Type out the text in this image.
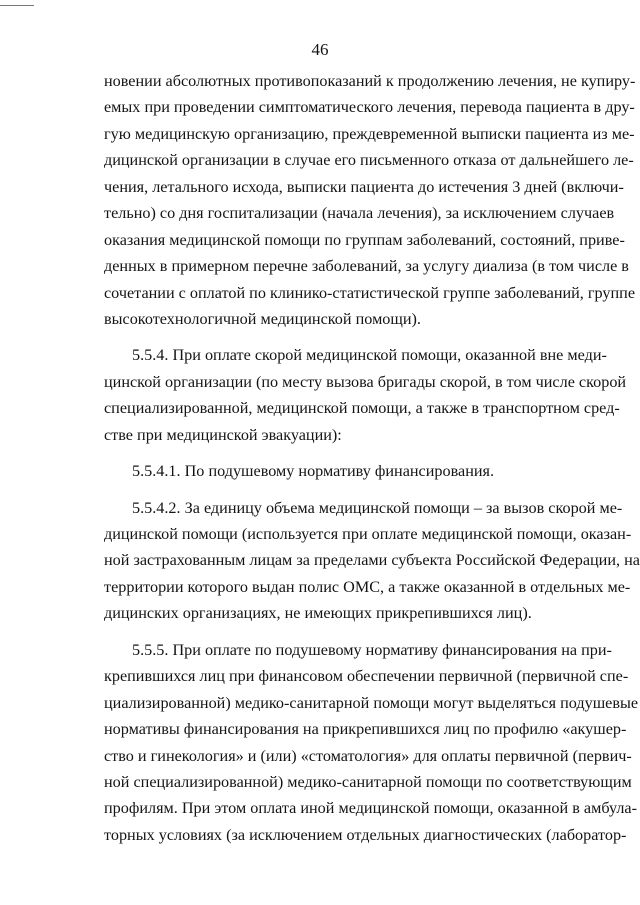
46
новении абсолютных противопоказаний к продолжению лечения, не купиру-
емых при проведении симптоматического лечения, перевода пациента в дру-
гую медицинскую организацию, преждевременной выписки пациента из ме-
дицинской организации в случае его письменного отказа от дальнейшего ле-
чения, летального исхода, выписки пациента до истечения 3 дней (включи-
тельно) со дня госпитализации (начала лечения), за исключением случаев
оказания медицинской помощи по группам заболеваний, состояний, приве-
денных в примерном перечне заболеваний, за услугу диализа (в том числе в
сочетании с оплатой по клинико-статистической группе заболеваний, группе
высокотехнологичной медицинской помощи).
5.5.4. При оплате скорой медицинской помощи, оказанной вне меди-
цинской организации (по месту вызова бригады скорой, в том числе скорой
специализированной, медицинской помощи, а также в транспортном сред-
стве при медицинской эвакуации):
5.5.4.1. По подушевому нормативу финансирования.
5.5.4.2. За единицу объема медицинской помощи – за вызов скорой ме-
дицинской помощи (используется при оплате медицинской помощи, оказан-
ной застрахованным лицам за пределами субъекта Российской Федерации, на
территории которого выдан полис ОМС, а также оказанной в отдельных ме-
дицинских организациях, не имеющих прикрепившихся лиц).
5.5.5. При оплате по подушевому нормативу финансирования на при-
крепившихся лиц при финансовом обеспечении первичной (первичной спе-
циализированной) медико-санитарной помощи могут выделяться подушевые
нормативы финансирования на прикрепившихся лиц по профилю «акушер-
ство и гинекология» и (или) «стоматология» для оплаты первичной (первич-
ной специализированной) медико-санитарной помощи по соответствующим
профилям. При этом оплата иной медицинской помощи, оказанной в амбула-
торных условиях (за исключением отдельных диагностических (лаборатор-
